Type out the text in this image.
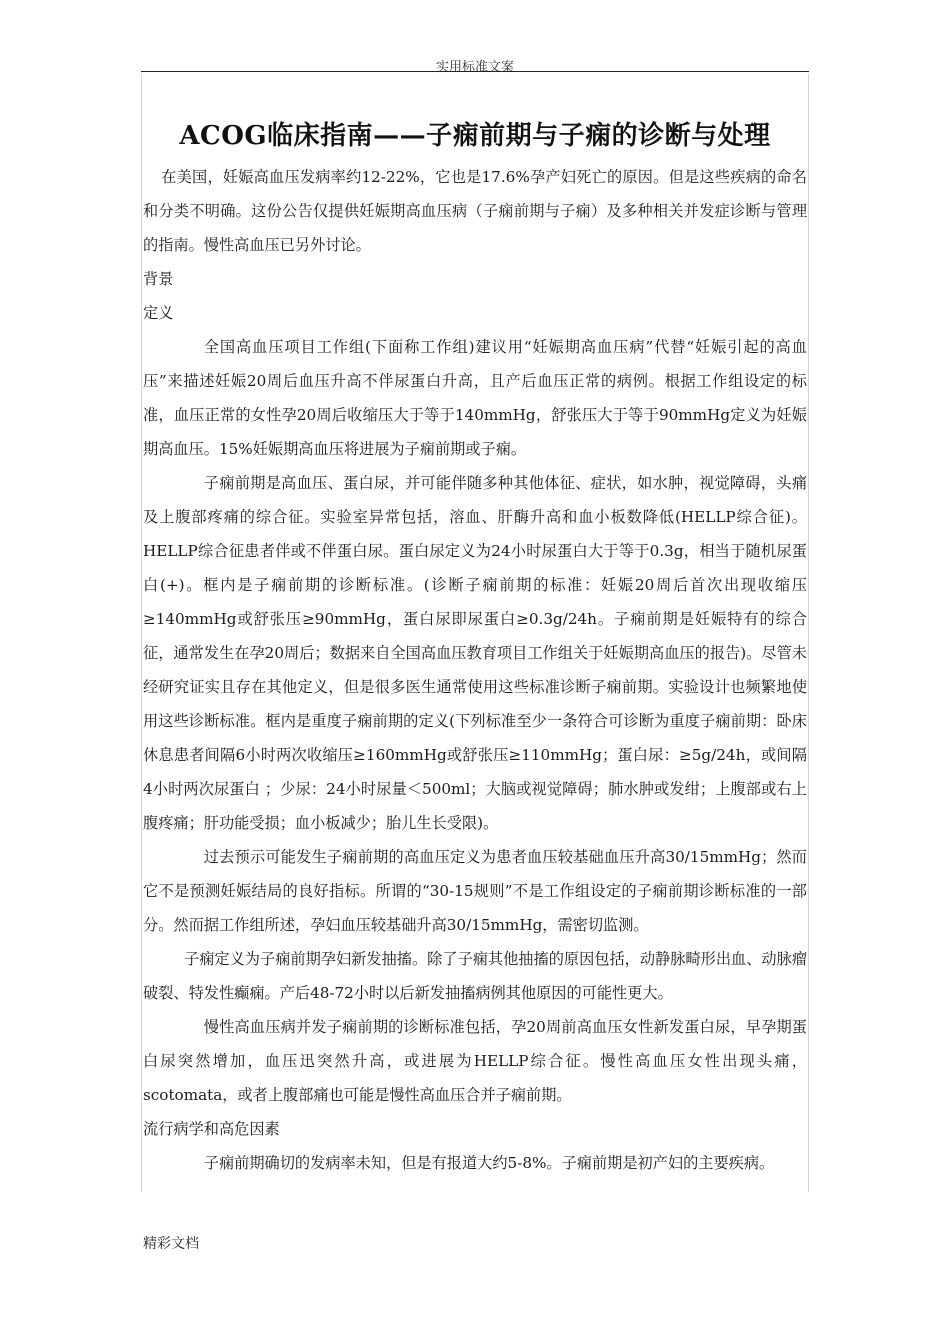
实用标准文案
ACOG临床指南——子痫前期与子痫的诊断与处理

在美国，妊娠高血压发病率约12-22%，它也是17.6%孕产妇死亡的原因。但是这些疾病的命名和分类不明确。这份公告仅提供妊娠期高血压病（子痫前期与子痫）及多种相关并发症诊断与管理的指南。慢性高血压已另外讨论。

背景

定义

全国高血压项目工作组(下面称工作组)建议用“妊娠期高血压病”代替“妊娠引起的高血压”来描述妊娠20周后血压升高不伴尿蛋白升高，且产后血压正常的病例。根据工作组设定的标准，血压正常的女性孕20周后收缩压大于等于140mmHg，舒张压大于等于90mmHg定义为妊娠期高血压。15%妊娠期高血压将进展为子痫前期或子痫。

子痫前期是高血压、蛋白尿，并可能伴随多种其他体征、症状，如水肿，视觉障碍，头痛及上腹部疼痛的综合征。实验室异常包括，溶血、肝酶升高和血小板数降低(HELLP综合征)。HELLP综合征患者伴或不伴蛋白尿。蛋白尿定义为24小时尿蛋白大于等于0.3g，相当于随机尿蛋白(+)。框内是子痫前期的诊断标准。(诊断子痫前期的标准：妊娠20周后首次出现收缩压≥140mmHg或舒张压≥90mmHg，蛋白尿即尿蛋白≥0.3g/24h。子痫前期是妊娠特有的综合征，通常发生在孕20周后；数据来自全国高血压教育项目工作组关于妊娠期高血压的报告)。尽管未经研究证实且存在其他定义，但是很多医生通常使用这些标准诊断子痫前期。实验设计也频繁地使用这些诊断标准。框内是重度子痫前期的定义(下列标准至少一条符合可诊断为重度子痫前期：卧床休息患者间隔6小时两次收缩压≥160mmHg或舒张压≥110mmHg；蛋白尿：≥5g/24h，或间隔4小时两次尿蛋白 ；少尿：24小时尿量＜500ml；大脑或视觉障碍；肺水肿或发绀；上腹部或右上腹疼痛；肝功能受损；血小板减少；胎儿生长受限)。

过去预示可能发生子痫前期的高血压定义为患者血压较基础血压升高30/15mmHg；然而它不是预测妊娠结局的良好指标。所谓的“30-15规则”不是工作组设定的子痫前期诊断标准的一部分。然而据工作组所述，孕妇血压较基础升高30/15mmHg，需密切监测。

子痫定义为子痫前期孕妇新发抽搐。除了子痫其他抽搐的原因包括，动静脉畸形出血、动脉瘤破裂、特发性癫痫。产后48-72小时以后新发抽搐病例其他原因的可能性更大。

慢性高血压病并发子痫前期的诊断标准包括，孕20周前高血压女性新发蛋白尿，早孕期蛋白尿突然增加，血压迅突然升高，或进展为HELLP综合征。慢性高血压女性出现头痛，scotomata，或者上腹部痛也可能是慢性高血压合并子痫前期。

流行病学和高危因素

子痫前期确切的发病率未知，但是有报道大约5-8%。子痫前期是初产妇的主要疾病。

精彩文档
